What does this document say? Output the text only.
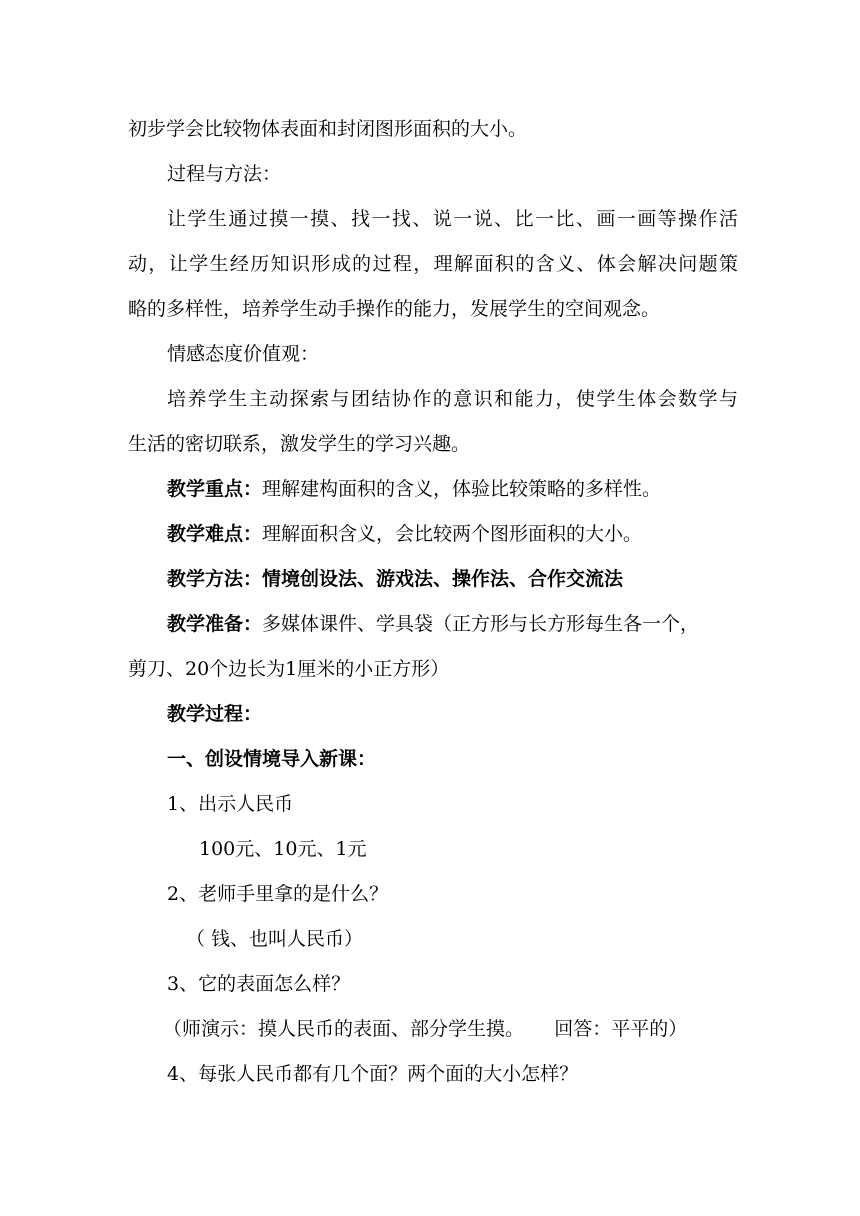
初步学会比较物体表面和封闭图形面积的大小。
过程与方法：
让学生通过摸一摸、找一找、说一说、比一比、画一画等操作活
动，让学生经历知识形成的过程，理解面积的含义、体会解决问题策
略的多样性，培养学生动手操作的能力，发展学生的空间观念。
情感态度价值观：
培养学生主动探索与团结协作的意识和能力，使学生体会数学与
生活的密切联系，激发学生的学习兴趣。
教学重点：理解建构面积的含义，体验比较策略的多样性。
教学难点：理解面积含义，会比较两个图形面积的大小。
教学方法：情境创设法、游戏法、操作法、合作交流法
教学准备：多媒体课件、学具袋（正方形与长方形每生各一个，
剪刀、20个边长为1厘米的小正方形）
教学过程：
一、创设情境导入新课：
1、出示人民币
100元、10元、1元
2、老师手里拿的是什么？
（ 钱、也叫人民币）
3、它的表面怎么样？
（师演示：摸人民币的表面、部分学生摸。     回答：平平的）
4、每张人民币都有几个面？两个面的大小怎样？
